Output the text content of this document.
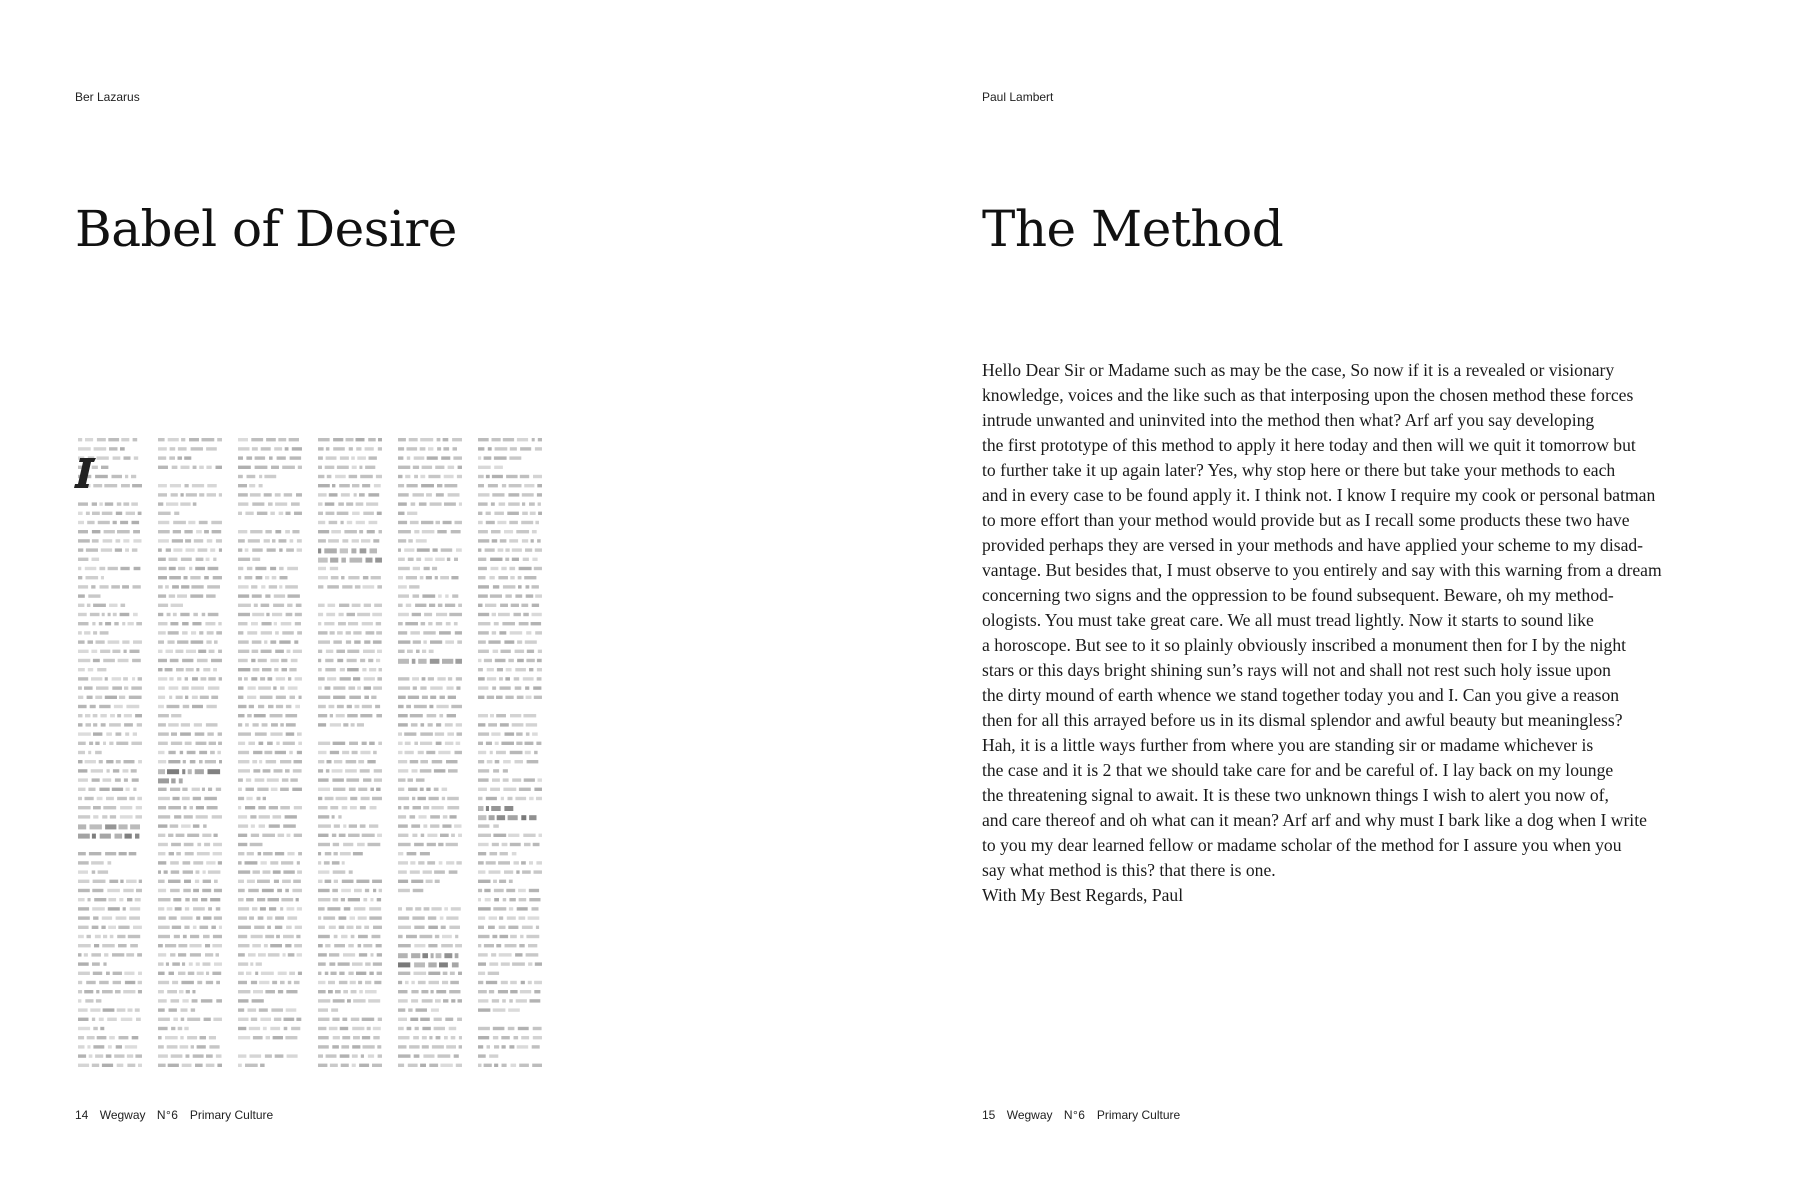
Ber Lazarus
Babel of Desire
14 Wegway N°6 Primary Culture
Paul Lambert
The Method

Hello Dear Sir or Madame such as may be the case, So now if it is a revealed or visionary

knowledge, voices and the like such as that interposing upon the chosen method these forces

intrude unwanted and uninvited into the method then what? Arf arf you say developing

the first prototype of this method to apply it here today and then will we quit it tomorrow but

to further take it up again later? Yes, why stop here or there but take your methods to each

and in every case to be found apply it. I think not. I know I require my cook or personal batman

to more effort than your method would provide but as I recall some products these two have

provided perhaps they are versed in your methods and have applied your scheme to my disad-

vantage. But besides that, I must observe to you entirely and say with this warning from a dream

concerning two signs and the oppression to be found subsequent. Beware, oh my method-

ologists. You must take great care. We all must tread lightly. Now it starts to sound like

a horoscope. But see to it so plainly obviously inscribed a monument then for I by the night

stars or this days bright shining sun’s rays will not and shall not rest such holy issue upon

the dirty mound of earth whence we stand together today you and I. Can you give a reason

then for all this arrayed before us in its dismal splendor and awful beauty but meaningless?

Hah, it is a little ways further from where you are standing sir or madame whichever is

the case and it is 2 that we should take care for and be careful of. I lay back on my lounge

the threatening signal to await. It is these two unknown things I wish to alert you now of,

and care thereof and oh what can it mean? Arf arf and why must I bark like a dog when I write

to you my dear learned fellow or madame scholar of the method for I assure you when you

say what method is this? that there is one.

With My Best Regards, Paul

15 Wegway N°6 Primary Culture
